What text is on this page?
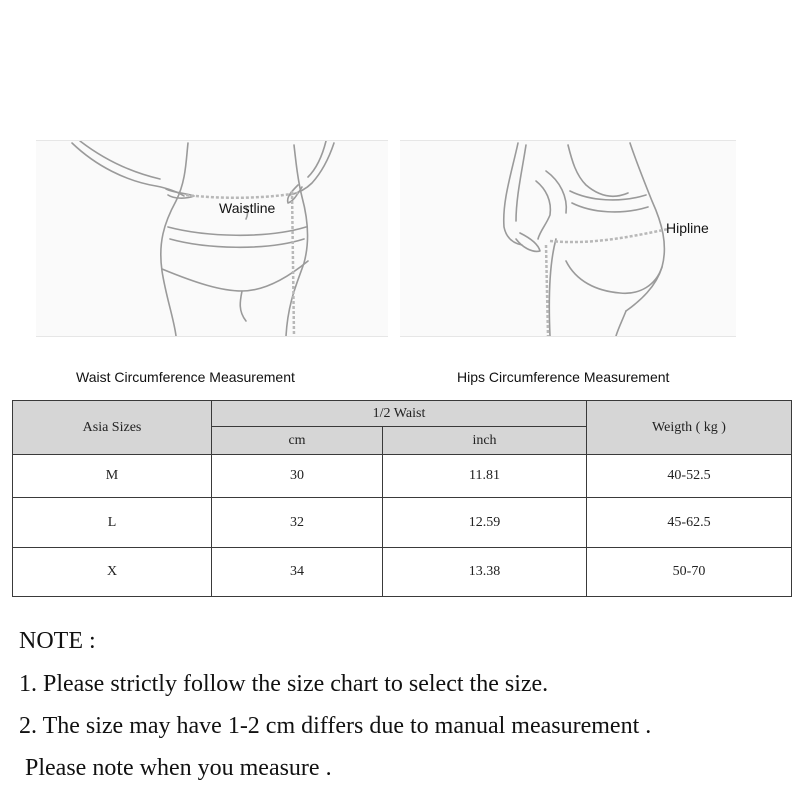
Waistline
Hipline
Waist Circumference Measurement	Hips Circumference Measurement
Asia Sizes	1/2 Waist		Weigth ( kg )
	cm	inch	
M	30	11.81	40-52.5
L	32	12.59	45-62.5
X	34	13.38	50-70
NOTE :
1. Please strictly follow the size chart to select the size.
2. The size may have 1-2 cm differs due to manual measurement .
Please note when you measure .
